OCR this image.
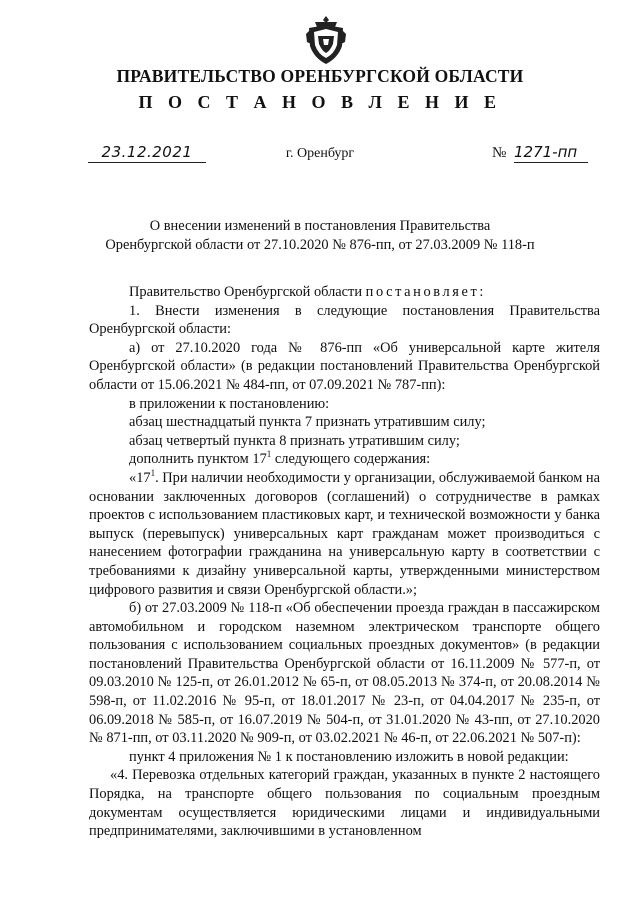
ПРАВИТЕЛЬСТВО ОРЕНБУРГСКОЙ ОБЛАСТИ
П О С Т А Н О В Л Е Н И Е
23.12.2021	г. Оренбург	№ 1271-пп
О внесении изменений в постановления Правительства
Оренбургской области от 27.10.2020 № 876-пп, от 27.03.2009 № 118-п

Правительство Оренбургской области постановляет:

1. Внести изменения в следующие постановления Правительства Оренбургской области:

а) от 27.10.2020 года № 876-пп «Об универсальной карте жителя Оренбургской области» (в редакции постановлений Правительства Оренбургской области от 15.06.2021 № 484-пп, от 07.09.2021 № 787-пп):

в приложении к постановлению:

абзац шестнадцатый пункта 7 признать утратившим силу;

абзац четвертый пункта 8 признать утратившим силу;

дополнить пунктом $17^1$ следующего содержания:

«$17^1$. При наличии необходимости у организации, обслуживаемой банком на основании заключенных договоров (соглашений) о сотрудничестве в рамках проектов с использованием пластиковых карт, и технической возможности у банка выпуск (перевыпуск) универсальных карт гражданам может производиться с нанесением фотографии гражданина на универсальную карту в соответствии с требованиями к дизайну универсальной карты, утвержденными министерством цифрового развития и связи Оренбургской области.»;

б) от 27.03.2009 № 118-п «Об обеспечении проезда граждан в пассажирском автомобильном и городском наземном электрическом транспорте общего пользования с использованием социальных проездных документов» (в редакции постановлений Правительства Оренбургской области от 16.11.2009 № 577-п, от 09.03.2010 № 125-п, от 26.01.2012 № 65-п, от 08.05.2013 № 374-п, от 20.08.2014 № 598-п, от 11.02.2016 № 95-п, от 18.01.2017 № 23-п, от 04.04.2017 № 235-п, от 06.09.2018 № 585-п, от 16.07.2019 № 504-п, от 31.01.2020 № 43-пп, от 27.10.2020 № 871-пп, от 03.11.2020 № 909-п, от 03.02.2021 № 46-п, от 22.06.2021 № 507-п):

пункт 4 приложения № 1 к постановлению изложить в новой редакции:

«4. Перевозка отдельных категорий граждан, указанных в пункте 2 настоящего Порядка, на транспорте общего пользования по социальным проездным документам осуществляется юридическими лицами и индивидуальными предпринимателями, заключившими в установленном
